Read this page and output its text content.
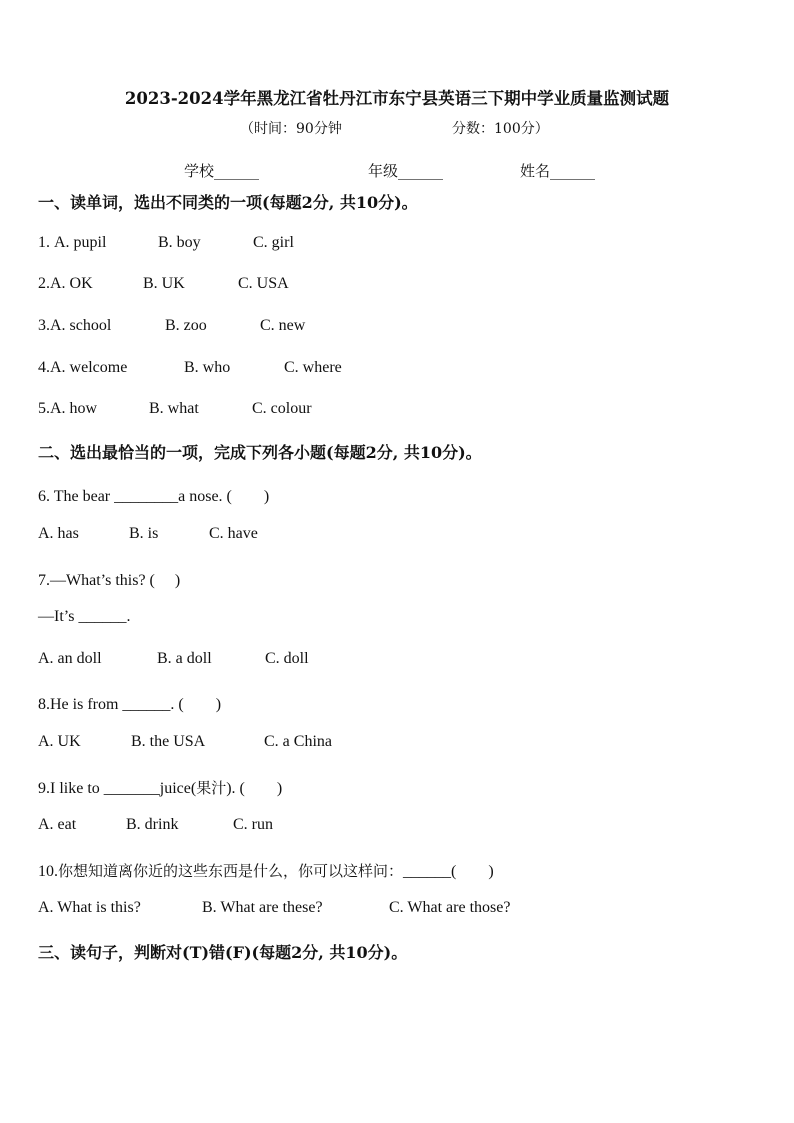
2023-2024学年黑龙江省牡丹江市东宁县英语三下期中学业质量监测试题
（时间：90分钟	分数：100分）
学校______	年级______	姓名______
一、读单词，选出不同类的一项(每题2分, 共10分)。
1. A. pupil	B. boy	C. girl
2.A. OK	B. UK	C. USA
3.A. school	B. zoo	C. new
4.A. welcome	B. who	C. where
5.A. how	B. what	C. colour
二、选出最恰当的一项，完成下列各小题(每题2分, 共10分)。
6. The bear ________a nose. (　　)
A. has	B. is	C. have
7.—What’s this? (　 )
—It’s ______.
A. an doll	B. a doll	C. doll
8.He is from ______. (　　)
A. UK	B. the USA	C. a China
9.I like to _______juice(果汁). (　　)
A. eat	B. drink	C. run
10.你想知道离你近的这些东西是什么，你可以这样问：______(　　)
A. What is this?	B. What are these?	C. What are those?
三、读句子，判断对(T)错(F)(每题2分, 共10分)。
